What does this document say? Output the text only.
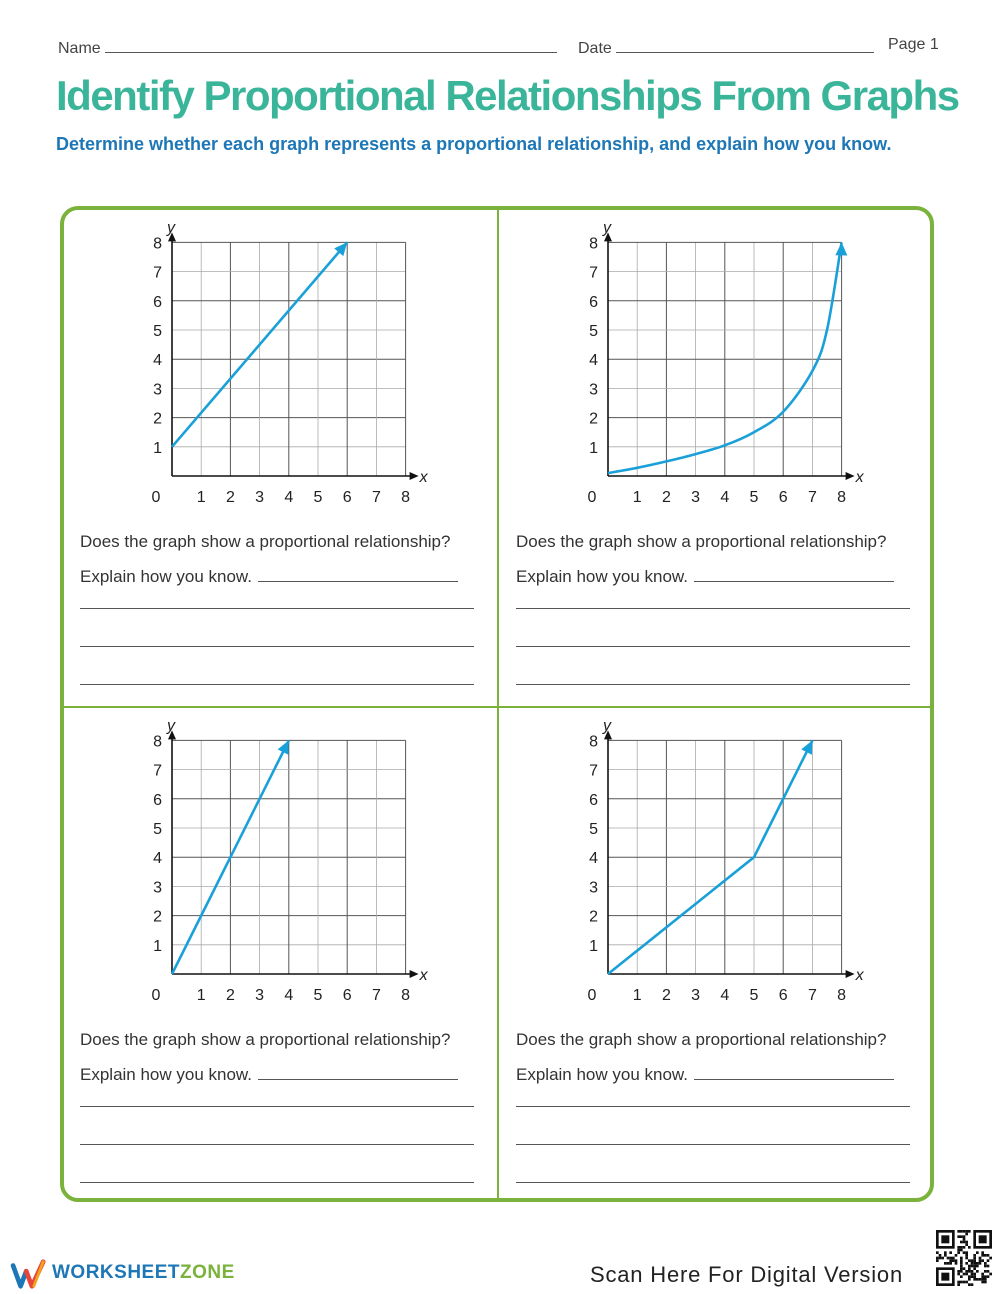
Name	Date	Page 1
Identify Proportional Relationships From Graphs
Determine whether each graph represents a proportional relationship, and explain how you know.
x
y
0 1
1
2
2
3
3
4
4
5
5
6
6
7
7
8
8
Does the graph show a proportional relationship?
Explain how you know.
x
y
0 1
1
2
2
3
3
4
4
5
5
6
6
7
7
8
8
Does the graph show a proportional relationship?
Explain how you know.
x
y
0 1
1
2
2
3
3
4
4
5
5
6
6
7
7
8
8
Does the graph show a proportional relationship?
Explain how you know.
x
y
0 1
1
2
2
3
3
4
4
5
5
6
6
7
7
8
8
Does the graph show a proportional relationship?
Explain how you know.
WORKSHEETZONE	Scan Here For Digital Version
